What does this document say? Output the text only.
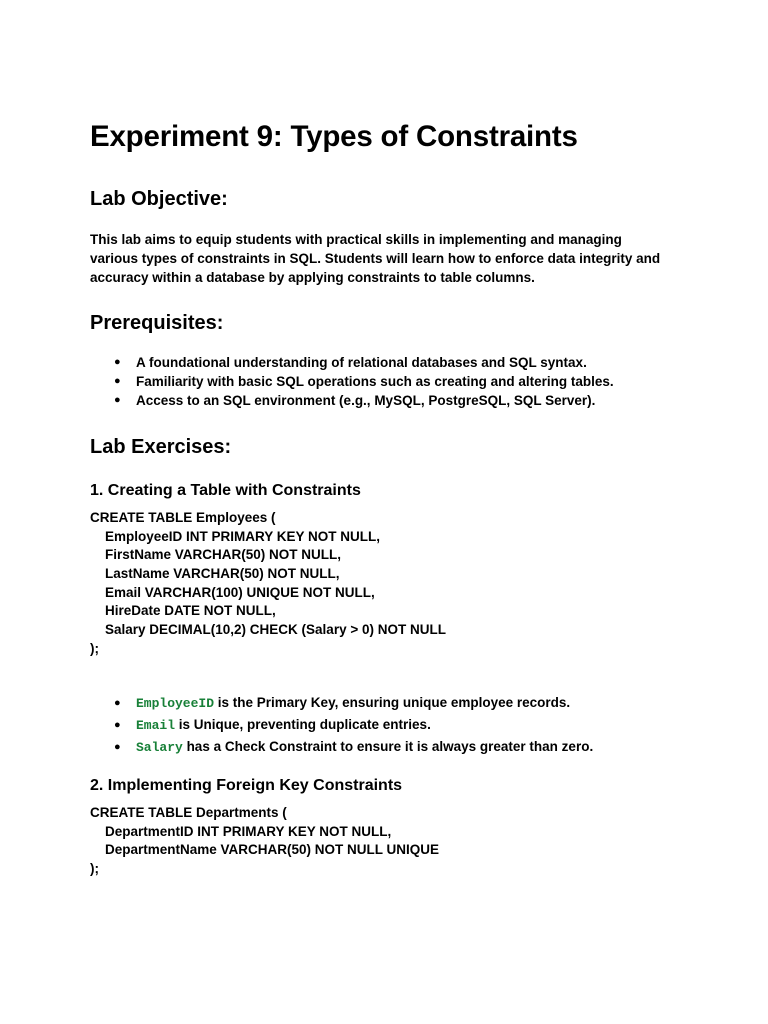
Experiment 9: Types of Constraints
Lab Objective:
This lab aims to equip students with practical skills in implementing and managing
various types of constraints in SQL. Students will learn how to enforce data integrity and
accuracy within a database by applying constraints to table columns.
Prerequisites:
● A foundational understanding of relational databases and SQL syntax.
● Familiarity with basic SQL operations such as creating and altering tables.
● Access to an SQL environment (e.g., MySQL, PostgreSQL, SQL Server).
Lab Exercises:
1. Creating a Table with Constraints
CREATE TABLE Employees (
EmployeeID INT PRIMARY KEY NOT NULL,
FirstName VARCHAR(50) NOT NULL,
LastName VARCHAR(50) NOT NULL,
Email VARCHAR(100) UNIQUE NOT NULL,
HireDate DATE NOT NULL,
Salary DECIMAL(10,2) CHECK (Salary > 0) NOT NULL
);
● EmployeeID is the Primary Key, ensuring unique employee records.
● Email is Unique, preventing duplicate entries.
● Salary has a Check Constraint to ensure it is always greater than zero.
2. Implementing Foreign Key Constraints
CREATE TABLE Departments (
DepartmentID INT PRIMARY KEY NOT NULL,
DepartmentName VARCHAR(50) NOT NULL UNIQUE
);
